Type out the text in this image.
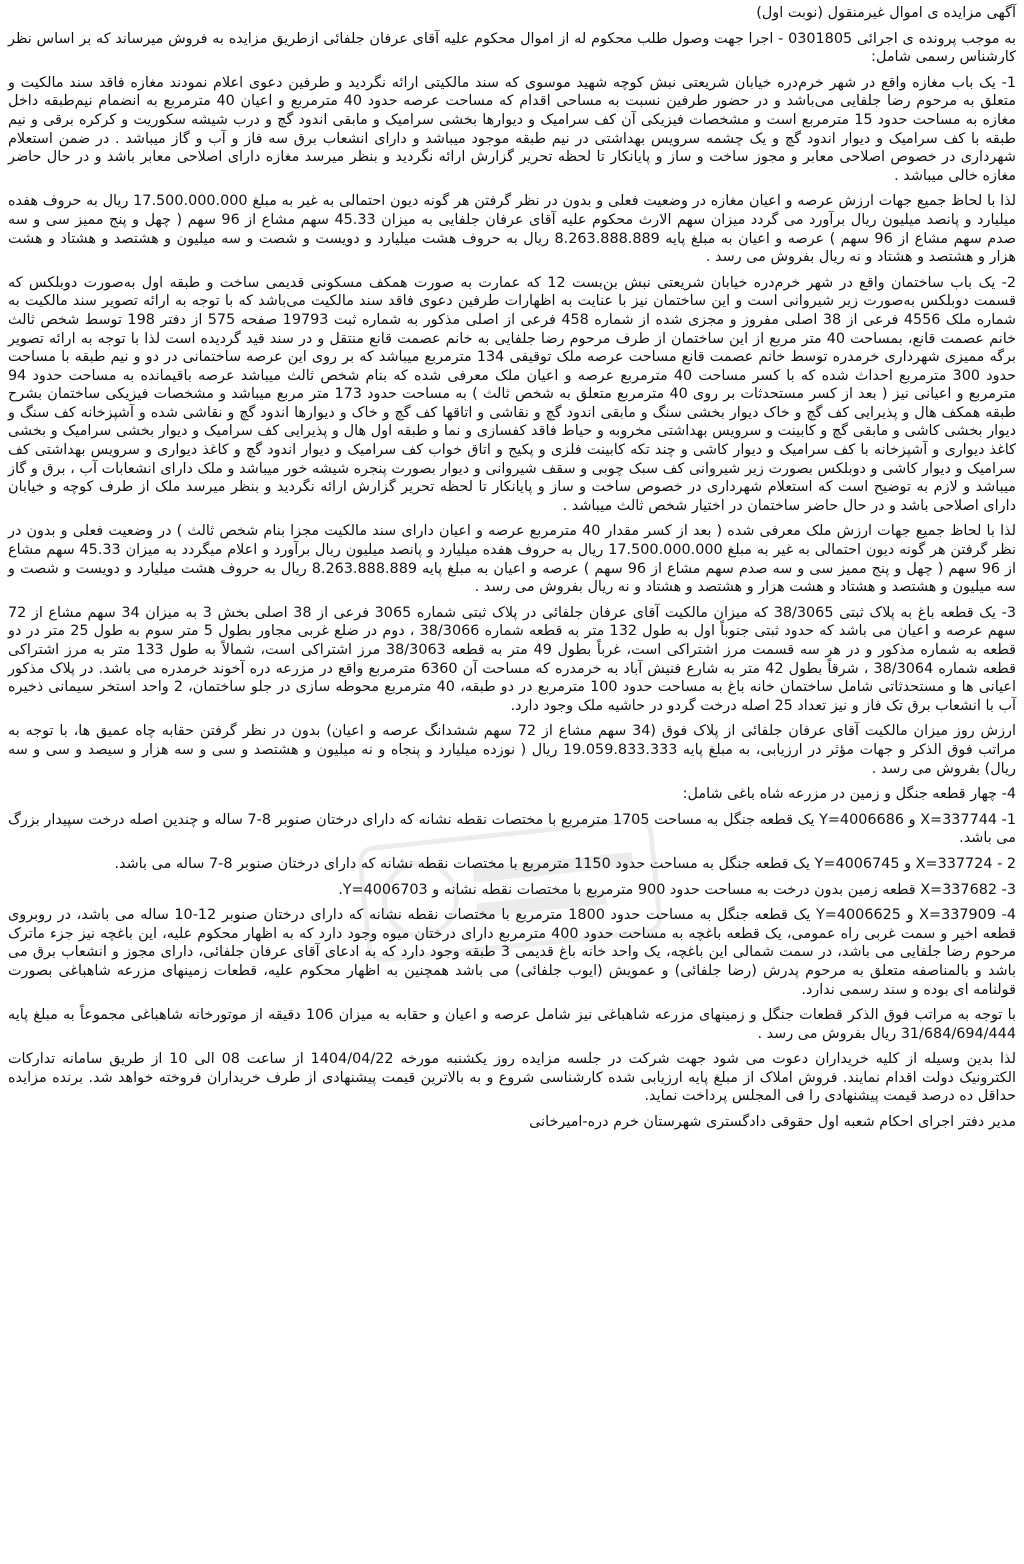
آگهی مزایده ی اموال غیرمنقول (نوبت اول)

به موجب پرونده ی اجرائی 0301805 - اجرا جهت وصول طلب محکوم له از اموال محکوم علیه آقای عرفان جلفائی ازطریق مزایده به فروش میرساند که بر اساس نظر کارشناس رسمی شامل:

1- یک باب مغازه واقع در شهر خرم‌دره خیابان شریعتی نبش کوچه شهید موسوی که سند مالکیتی ارائه نگردید و طرفین دعوی اعلام نمودند مغازه فاقد سند مالکیت و متعلق به مرحوم رضا جلفایی می‌باشد و در حضور طرفین نسبت به مساحی اقدام که مساحت عرصه حدود 40 مترمربع و اعیان 40 مترمربع به انضمام نیم‌طبقه داخل مغازه به مساحت حدود 15 مترمربع است و مشخصات فیزیکی آن کف سرامیک و دیوارها بخشی سرامیک و مابقی اندود گچ و درب شیشه سکوریت و کرکره برقی و نیم طبقه با کف سرامیک و دیوار اندود گچ و یک چشمه سرویس بهداشتی در نیم طبقه موجود میباشد و دارای انشعاب برق سه فاز و آب و گاز میباشد . در ضمن استعلام شهرداری در خصوص اصلاحی معابر و مجوز ساخت و ساز و پایانکار تا لحظه تحریر گزارش ارائه نگردید و بنظر میرسد مغازه دارای اصلاحی معابر باشد و در حال حاضر مغازه خالی میباشد .

لذا با لحاظ جمیع جهات ارزش عرصه و اعیان مغازه در وضعیت فعلی و بدون در نظر گرفتن هر گونه دیون احتمالی به غیر به مبلغ 17.500.000.000 ریال به حروف هفده میلیارد و پانصد میلیون ریال برآورد می گردد میزان سهم الارث محکوم علیه آقای عرفان جلفایی به میزان 45.33 سهم مشاع از 96 سهم ( چهل و پنج ممیز سی و سه صدم سهم مشاع از 96 سهم ) عرصه و اعیان به مبلغ پایه 8.263.888.889 ریال به حروف هشت میلیارد و دویست و شصت و سه میلیون و هشتصد و هشتاد و هشت هزار و هشتصد و هشتاد و نه ریال بفروش می رسد .

2- یک باب ساختمان واقع در شهر خرم‌دره خیابان شریعتی نبش بن‌بست 12 که عمارت به صورت همکف مسکونی قدیمی ساخت و طبقه اول به‌صورت دوبلکس که قسمت دوبلکس به‌صورت زیر شیروانی است و این ساختمان نیز با عنایت به اظهارات طرفین دعوی فاقد سند مالکیت می‌باشد که با توجه به ارائه تصویر سند مالکیت به شماره ملک 4556 فرعی از 38 اصلی مفروز و مجزی شده از شماره 458 فرعی از اصلی مذکور به شماره ثبت 19793 صفحه 575 از دفتر 198 توسط شخص ثالث خانم عصمت قانع، بمساحت 40 متر مربع از این ساختمان از طرف مرحوم رضا جلفایی به خانم عصمت قانع منتقل و در سند قید گردیده است لذا با توجه به ارائه تصویر برگه ممیزی شهرداری خرمدره توسط خانم عصمت قانع مساحت عرصه ملک توقیفی 134 مترمربع میباشد که بر روی این عرصه ساختمانی در دو و نیم طبقه با مساحت حدود 300 مترمربع احداث شده که با کسر مساحت 40 مترمربع عرصه و اعیان ملک معرفی شده که بنام شخص ثالث میباشد عرصه باقیمانده به مساحت حدود 94 مترمربع و اعیانی نیز ( بعد از کسر مستحدثات بر روی 40 مترمربع متعلق به شخص ثالث ) به مساحت حدود 173 متر مربع میباشد و مشخصات فیزیکی ساختمان بشرح طبقه همکف هال و پذیرایی کف گچ و خاک دیوار بخشی سنگ و مابقی اندود گچ و نقاشی و اتاقها کف گچ و خاک و دیوارها اندود گچ و نقاشی شده و آشپزخانه کف سنگ و دیوار بخشی کاشی و مابقی گچ و کابینت و سرویس بهداشتی مخروبه و حیاط فاقد کفسازی و نما و طبقه اول هال و پذیرایی کف سرامیک و دیوار بخشی سرامیک و بخشی کاغذ دیواری و آشپزخانه با کف سرامیک و دیوار کاشی و چند تکه کابینت فلزی و پکیج و اتاق خواب کف سرامیک و دیوار اندود گچ و کاغذ دیواری و سرویس بهداشتی کف سرامیک و دیوار کاشی و دوبلکس بصورت زیر شیروانی کف سبک چوبی و سقف شیروانی و دیوار بصورت پنجره شیشه خور میباشد و ملک دارای انشعابات آب ، برق و گاز میباشد و لازم به توضیح است که استعلام شهرداری در خصوص ساخت و ساز و پایانکار تا لحظه تحریر گزارش ارائه نگردید و بنظر میرسد ملک از طرف کوچه و خیابان دارای اصلاحی باشد و در حال حاضر ساختمان در اختیار شخص ثالث میباشد .

لذا با لحاظ جمیع جهات ارزش ملک معرفی شده ( بعد از کسر مقدار 40 مترمربع عرصه و اعیان دارای سند مالکیت مجزا بنام شخص ثالث ) در وضعیت فعلی و بدون در نظر گرفتن هر گونه دیون احتمالی به غیر به مبلغ 17.500.000.000 ریال به حروف هفده میلیارد و پانصد میلیون ریال برآورد و اعلام میگردد به میزان 45.33 سهم مشاع از 96 سهم ( چهل و پنج ممیز سی و سه صدم سهم مشاع از 96 سهم ) عرصه و اعیان به مبلغ پایه 8.263.888.889 ریال به حروف هشت میلیارد و دویست و شصت و سه میلیون و هشتصد و هشتاد و هشت هزار و هشتصد و هشتاد و نه ریال بفروش می رسد .

3- یک قطعه باغ به پلاک ثبتی 38/3065 که میزان مالکیت آقای عرفان جلفائی در پلاک ثبتی شماره 3065 فرعی از 38 اصلی بخش 3 به میزان 34 سهم مشاع از 72 سهم عرصه و اعیان می باشد که حدود ثبتی جنوباً اول به طول 132 متر به قطعه شماره 38/3066 ، دوم در ضلع غربی مجاور بطول 5 متر سوم به طول 25 متر در دو قطعه به شماره مذکور و در هر سه قسمت مرز اشتراکی است، غرباً بطول 49 متر به قطعه 38/3063 مرز اشتراکی است، شمالاً به طول 133 متر به مرز اشتراکی قطعه شماره 38/3064 ، شرقاً بطول 42 متر به شارع فنیش آباد به خرمدره که مساحت آن 6360 مترمربع واقع در مزرعه دره آخوند خرمدره می باشد. در پلاک مذکور اعیانی ها و مستحدثاتی شامل ساختمان خانه باغ به مساحت حدود 100 مترمربع در دو طبقه، 40 مترمربع محوطه سازی در جلو ساختمان، 2 واحد استخر سیمانی ذخیره آب با انشعاب برق تک فاز و نیز تعداد 25 اصله درخت گردو در حاشیه ملک وجود دارد.

ارزش روز میزان مالکیت آقای عرفان جلفائی از پلاک فوق (34 سهم مشاع از 72 سهم ششدانگ عرصه و اعیان) بدون در نظر گرفتن حقابه چاه عمیق ها، با توجه به مراتب فوق الذکر و جهات مؤثر در ارزیابی، به مبلغ پایه 19.059.833.333 ریال ( نوزده میلیارد و پنجاه و نه میلیون و هشتصد و سی و سه هزار و سیصد و سی و سه ریال) بفروش می رسد .

4- چهار قطعه جنگل و زمین در مزرعه شاه باغی شامل:

1- X=337744 و Y=4006686 یک قطعه جنگل به مساحت 1705 مترمربع با مختصات نقطه نشانه که دارای درختان صنوبر 8-7 ساله و چندین اصله درخت سپیدار بزرگ می باشد.

2 - X=337724 و Y=4006745 یک قطعه جنگل به مساحت حدود 1150 مترمربع با مختصات نقطه نشانه که دارای درختان صنوبر 8-7 ساله می باشد.

3- X=337682 قطعه زمین بدون درخت به مساحت حدود 900 مترمربع با مختصات نقطه نشانه و Y=4006703.

4- X=337909 و Y=4006625 یک قطعه جنگل به مساحت حدود 1800 مترمربع با مختصات نقطه نشانه که دارای درختان صنوبر 12-10 ساله می باشد، در روبروی قطعه اخیر و سمت غربی راه عمومی، یک قطعه باغچه به مساحت حدود 400 مترمربع دارای درختان میوه وجود دارد که به اظهار محکوم علیه، این باغچه نیز جزء ماترک مرحوم رضا جلفایی می باشد، در سمت شمالی این باغچه، یک واحد خانه باغ قدیمی 3 طبقه وجود دارد که به ادعای آقای عرفان جلفائی، دارای مجوز و انشعاب برق می باشد و بالمناصفه متعلق به مرحوم پدرش (رضا جلفائی) و عمویش (ایوب جلفائی) می باشد همچنین به اظهار محکوم علیه، قطعات زمینهای مزرعه شاهباغی بصورت قولنامه ای بوده و سند رسمی ندارد.

با توجه به مراتب فوق الذکر قطعات جنگل و زمینهای مزرعه شاهباغی نیز شامل عرصه و اعیان و حقابه به میزان 106 دقیقه از موتورخانه شاهباغی مجموعاً به مبلغ پایه 31/684/694/444 ریال بفروش می رسد .

لذا بدین وسیله از کلیه خریداران دعوت می شود جهت شرکت در جلسه مزایده روز یکشنبه مورخه 1404/04/22 از ساعت 08 الی 10 از طریق سامانه تدارکات الکترونیک دولت اقدام نمایند. فروش املاک از مبلغ پایه ارزیابی شده کارشناسی شروع و به بالاترین قیمت پیشنهادی از طرف خریداران فروخته خواهد شد. برنده مزایده حداقل ده درصد قیمت پیشنهادی را فی المجلس پرداخت نماید.

مدیر دفتر اجرای احکام شعبه اول حقوقی دادگستری شهرستان خرم دره-امیرخانی
